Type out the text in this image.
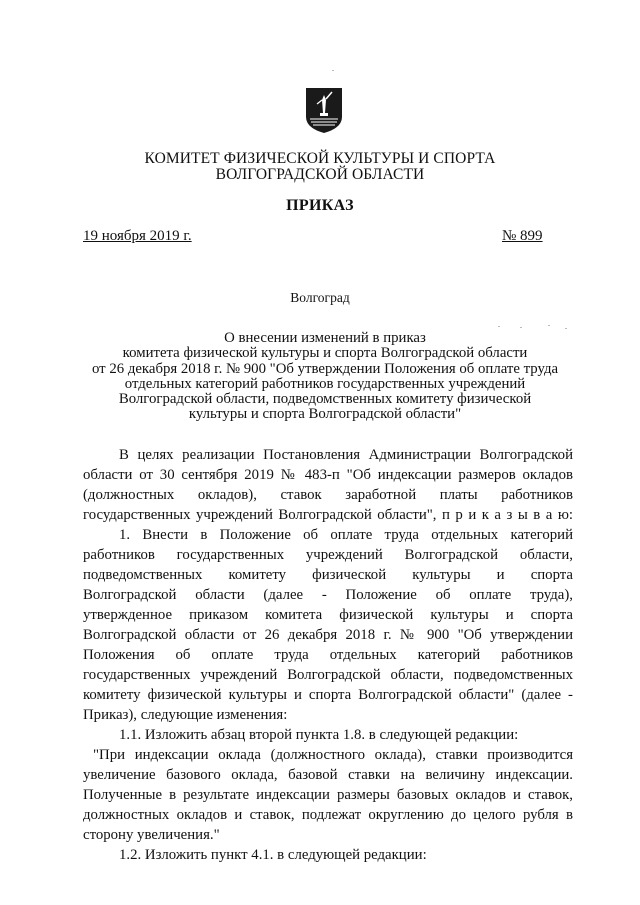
КОМИТЕТ ФИЗИЧЕСКОЙ КУЛЬТУРЫ И СПОРТА
ВОЛГОГРАДСКОЙ ОБЛАСТИ
ПРИКАЗ
19 ноября 2019 г.	№ 899
Волгоград
О внесении изменений в приказ
комитета физической культуры и спорта Волгоградской области
от 26 декабря 2018 г. № 900 "Об утверждении Положения об оплате труда
отдельных категорий работников государственных учреждений
Волгоградской области, подведомственных комитету физической
культуры и спорта Волгоградской области"
В целях реализации Постановления Администрации Волгоградской
области от 30 сентября 2019 № 483-п "Об индексации размеров окладов
(должностных окладов), ставок заработной платы работников
государственных учреждений Волгоградской области", п р и к а з ы в а ю:
1. Внести в Положение об оплате труда отдельных категорий
работников государственных учреждений Волгоградской области,
подведомственных комитету физической культуры и спорта
Волгоградской области (далее - Положение об оплате труда),
утвержденное приказом комитета физической культуры и спорта
Волгоградской области от 26 декабря 2018 г. № 900 "Об утверждении
Положения об оплате труда отдельных категорий работников
государственных учреждений Волгоградской области, подведомственных
комитету физической культуры и спорта Волгоградской области" (далее -
Приказ), следующие изменения:
1.1. Изложить абзац второй пункта 1.8. в следующей редакции:
"При индексации оклада (должностного оклада), ставки производится
увеличение базового оклада, базовой ставки на величину индексации.
Полученные в результате индексации размеры базовых окладов и ставок,
должностных окладов и ставок, подлежат округлению до целого рубля в
сторону увеличения."
1.2. Изложить пункт 4.1. в следующей редакции:
